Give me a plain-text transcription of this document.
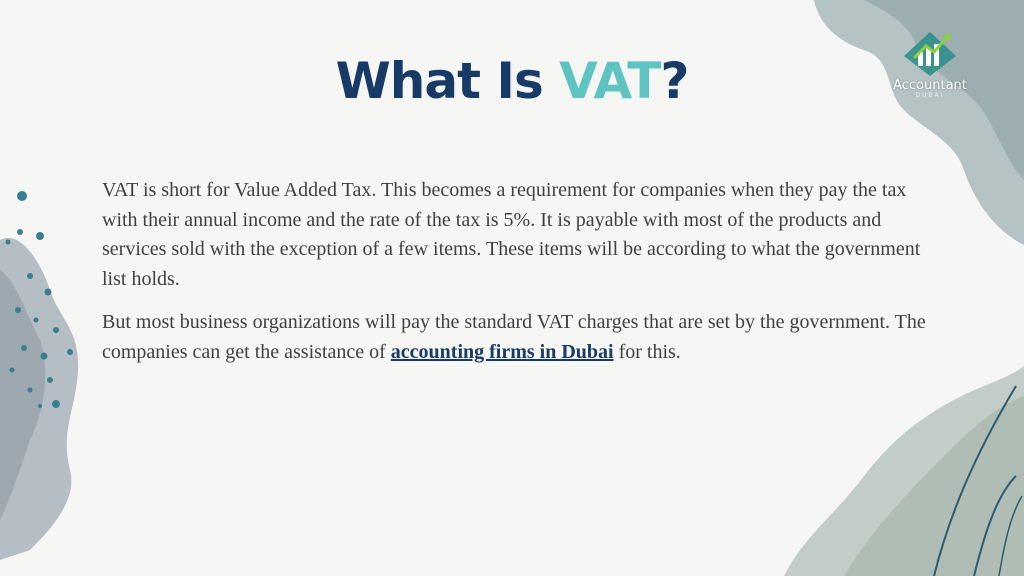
Accountant
DUBAI
What Is VAT?

VAT is short for Value Added Tax. This becomes a requirement for companies when they pay the tax with their annual income and the rate of the tax is 5%. It is payable with most of the products and services sold with the exception of a few items. These items will be according to what the government list holds.

But most business organizations will pay the standard VAT charges that are set by the government. The companies can get the assistance of accounting firms in Dubai for this.
